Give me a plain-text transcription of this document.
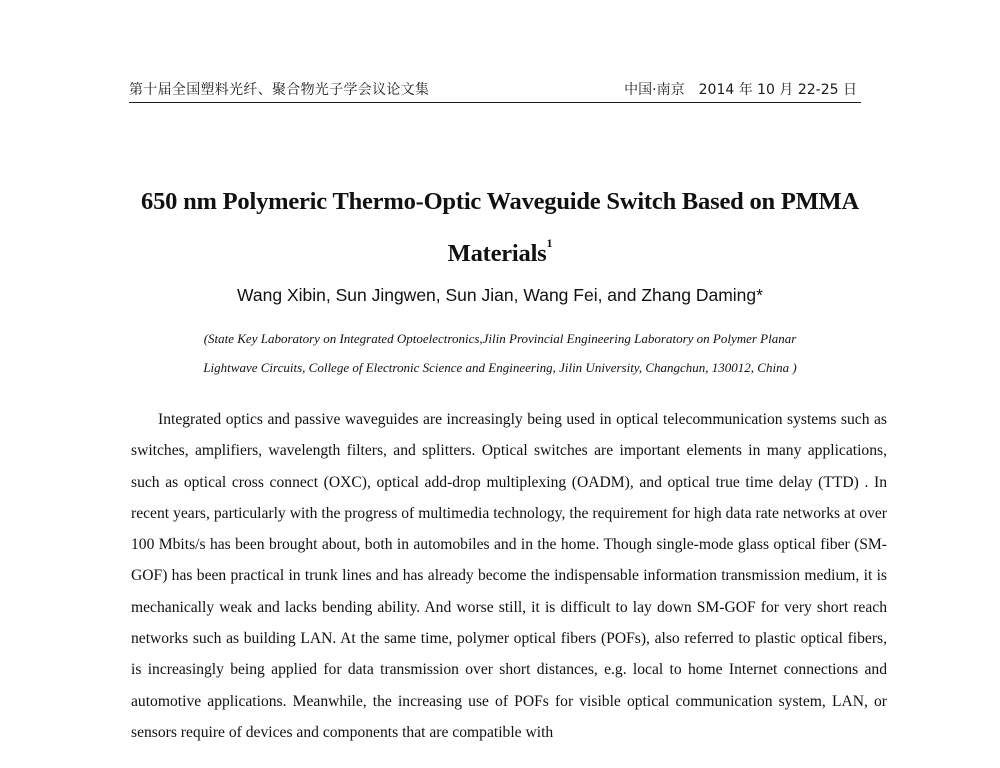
第十届全国塑料光纤、聚合物光子学会议论文集	中国·南京 2014 年 10 月 22-25 日
650 nm Polymeric Thermo-Optic Waveguide Switch Based on PMMA
Materials$^1$
Wang Xibin, Sun Jingwen, Sun Jian, Wang Fei, and Zhang Daming*
(State Key Laboratory on Integrated Optoelectronics,Jilin Provincial Engineering Laboratory on Polymer Planar
Lightwave Circuits, College of Electronic Science and Engineering, Jilin University, Changchun, 130012, China )
Integrated optics and passive waveguides are increasingly being used in optical telecommunication systems such as switches, amplifiers, wavelength filters, and splitters. Optical switches are important elements in many applications, such as optical cross connect (OXC), optical add-drop multiplexing (OADM), and optical true time delay (TTD) . In recent years, particularly with the progress of multimedia technology, the requirement for high data rate networks at over 100 Mbits/s has been brought about, both in automobiles and in the home. Though single-mode glass optical fiber (SM-GOF) has been practical in trunk lines and has already become the indispensable information transmission medium, it is mechanically weak and lacks bending ability. And worse still, it is difficult to lay down SM-GOF for very short reach networks such as building LAN. At the same time, polymer optical fibers (POFs), also referred to plastic optical fibers, is increasingly being applied for data transmission over short distances, e.g. local to home Internet connections and automotive applications. Meanwhile, the increasing use of POFs for visible optical communication system, LAN, or sensors require of devices and components that are compatible with
